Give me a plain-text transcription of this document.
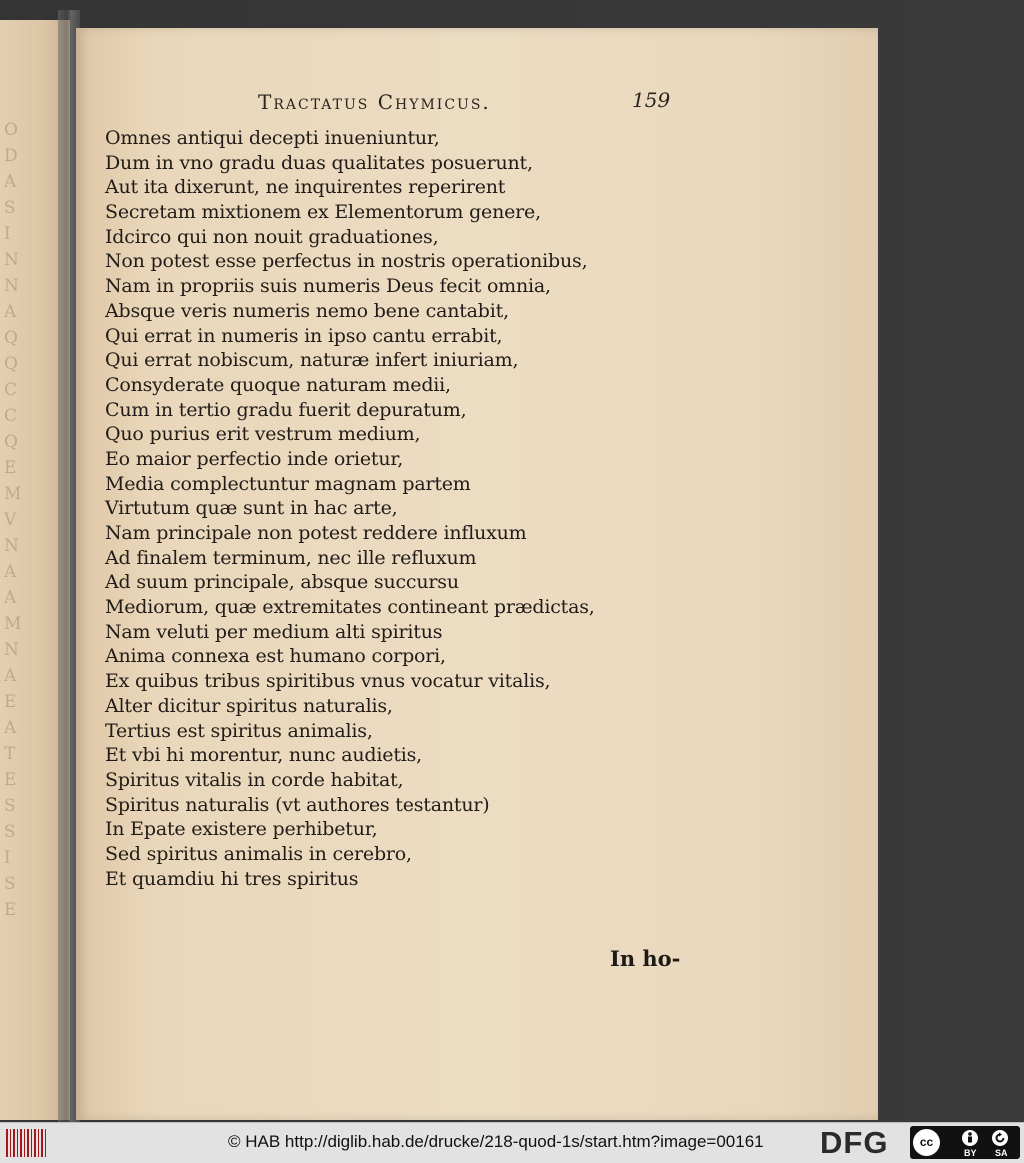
O
D
A
S
I
N
N
A
Q
Q
C
C
Q
E
M
V
N
A
A
M
N
A
E
A
T
E
S
S
I
S
E
Tractatus Chymicus.	159
Omnes antiqui decepti inueniuntur,
Dum in vno gradu duas qualitates posuerunt,
Aut ita dixerunt, ne inquirentes reperirent
Secretam mixtionem ex Elementorum genere,
Idcirco qui non nouit graduationes,
Non potest esse perfectus in nostris operationibus,
Nam in propriis suis numeris Deus fecit omnia,
Absque veris numeris nemo bene cantabit,
Qui errat in numeris in ipso cantu errabit,
Qui errat nobiscum, naturæ infert iniuriam,
Consyderate quoque naturam medii,
Cum in tertio gradu fuerit depuratum,
Quo purius erit vestrum medium,
Eo maior perfectio inde orietur,
Media complectuntur magnam partem
Virtutum quæ sunt in hac arte,
Nam principale non potest reddere influxum
Ad finalem terminum, nec ille refluxum
Ad suum principale, absque succursu
Mediorum, quæ extremitates contineant prædictas,
Nam veluti per medium alti spiritus
Anima connexa est humano corpori,
Ex quibus tribus spiritibus vnus vocatur vitalis,
Alter dicitur spiritus naturalis,
Tertius est spiritus animalis,
Et vbi hi morentur, nunc audietis,
Spiritus vitalis in corde habitat,
Spiritus naturalis (vt authores testantur)
In Epate existere perhibetur,
Sed spiritus animalis in cerebro,
Et quamdiu hi tres spiritus
In ho-
© HAB http://diglib.hab.de/drucke/218-quod-1s/start.htm?image=00161 DFG	cc
BY SA
